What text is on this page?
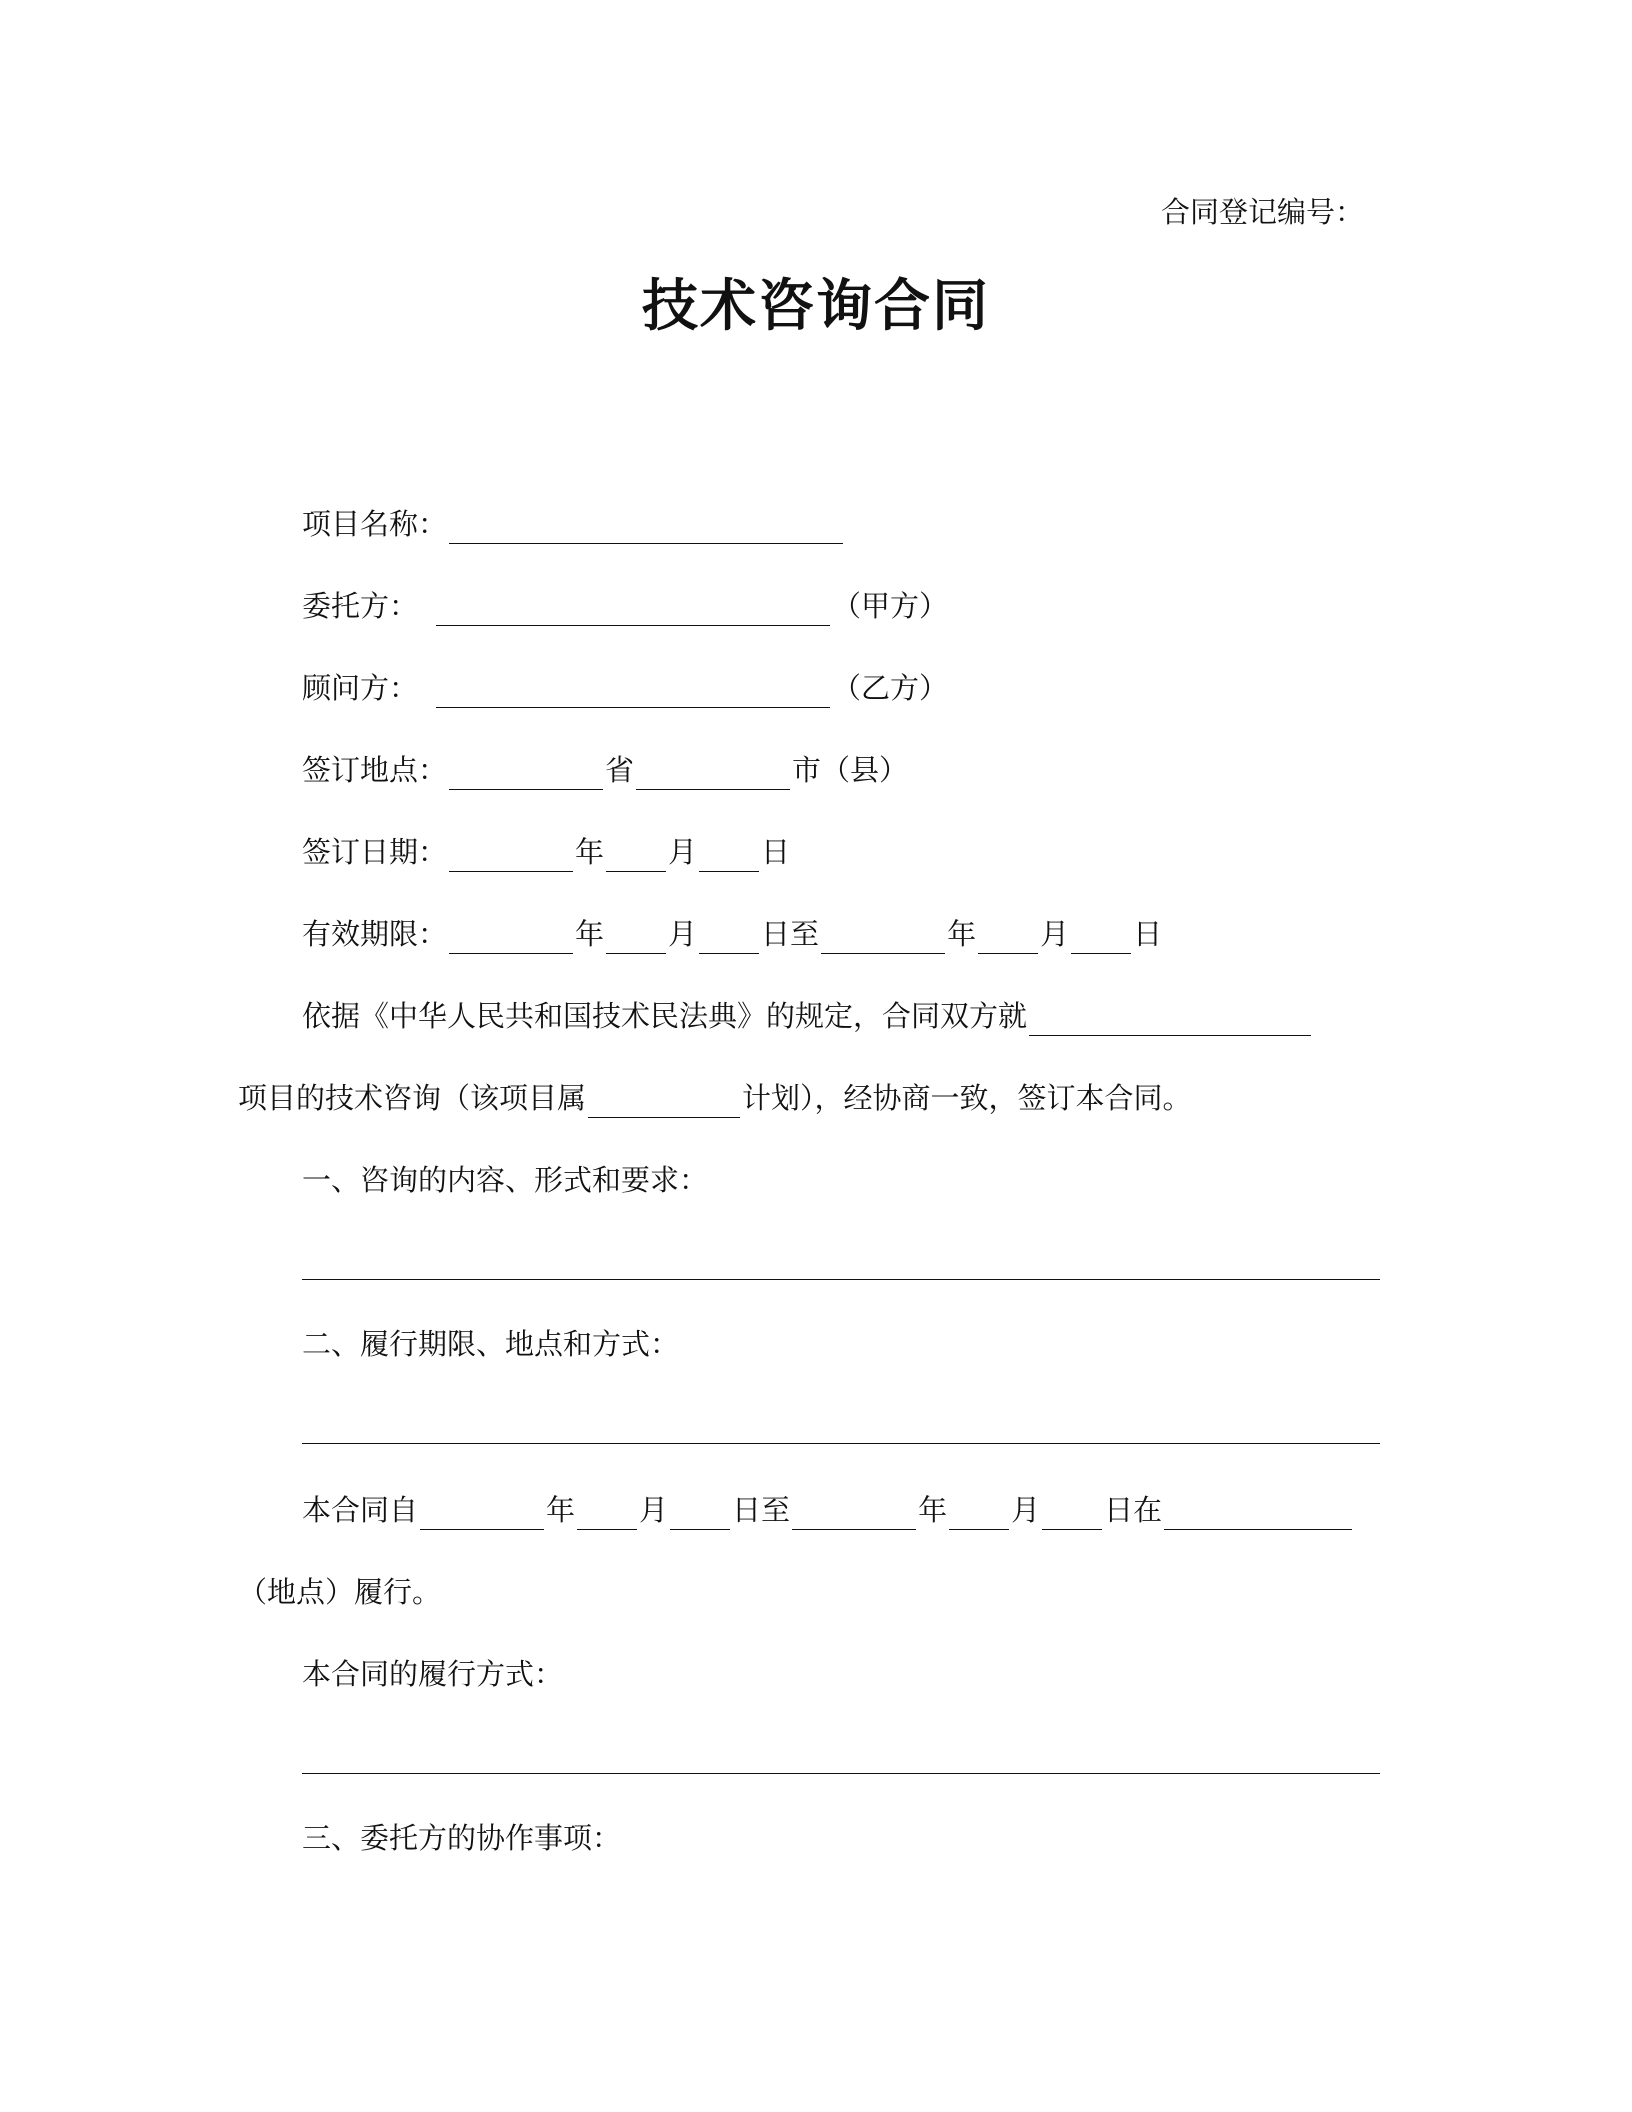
合同登记编号：
技术咨询合同
项目名称：
委托方：	（甲方）
顾问方：	（乙方）
签订地点：	省	市（县）
签订日期：	年 月 日
有效期限：	年 月 日至	年 月 日
依据《中华人民共和国技术民法典》的规定，合同双方就
项目的技术咨询（该项目属	计划），经协商一致，签订本合同。
一、咨询的内容、形式和要求：
二、履行期限、地点和方式：
本合同自	年 月 日至	年 月 日在
（地点）履行。
本合同的履行方式：
三、委托方的协作事项：
